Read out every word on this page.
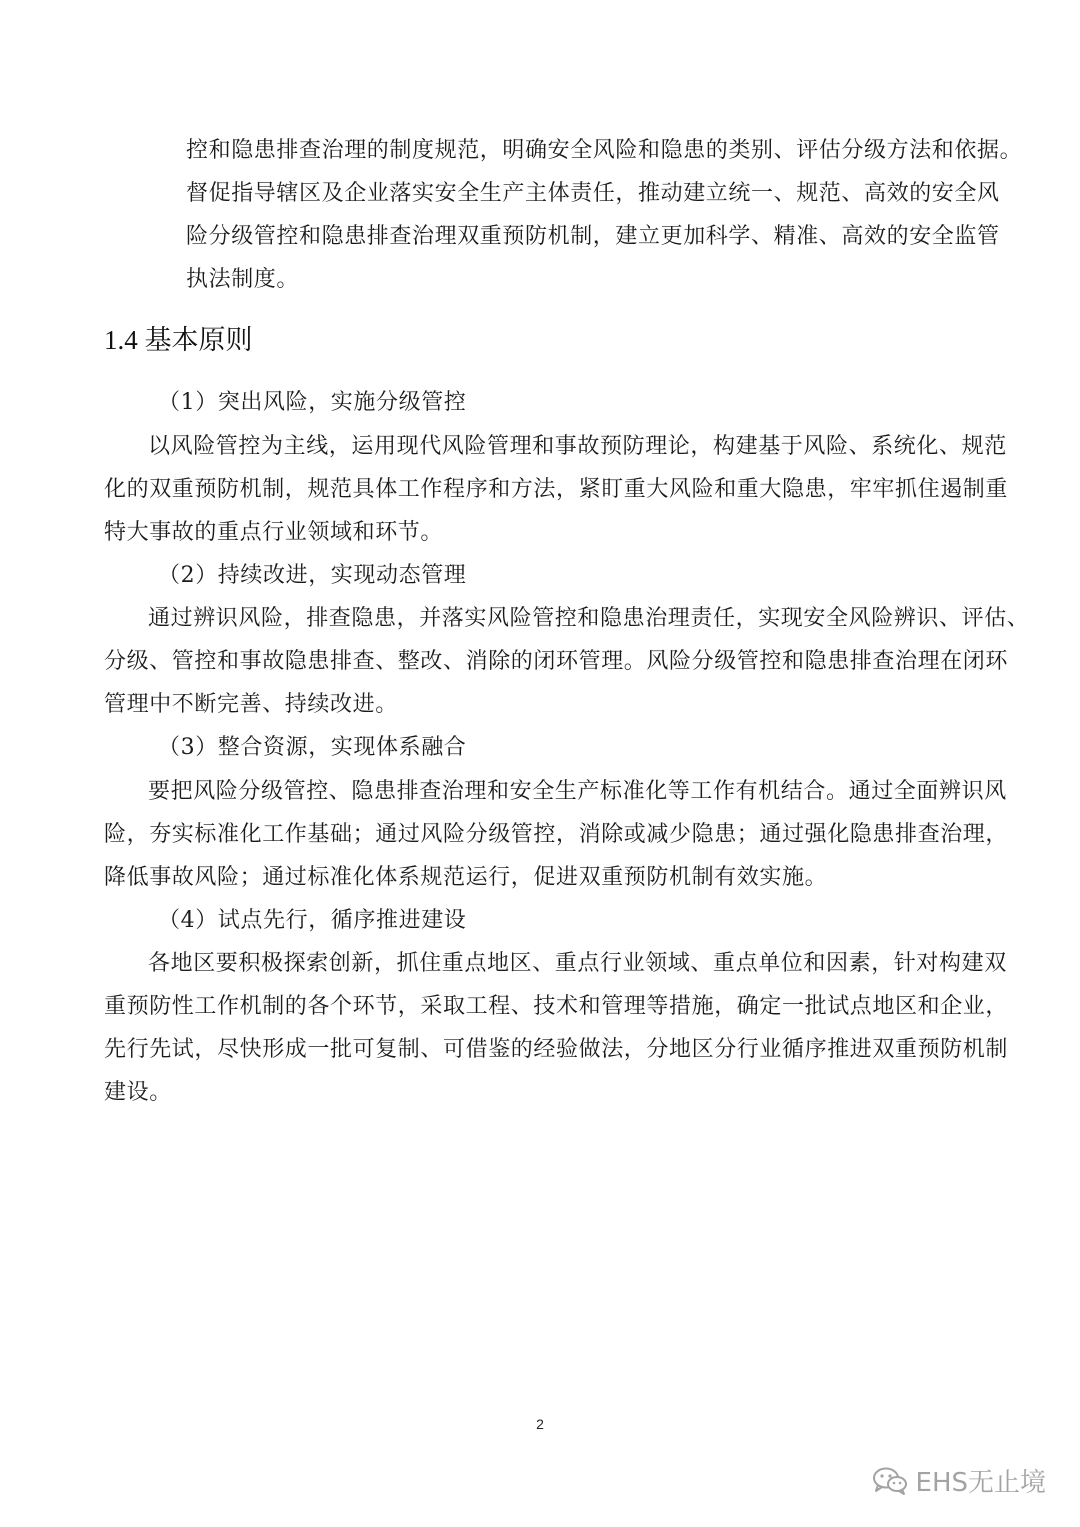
控和隐患排查治理的制度规范，明确安全风险和隐患的类别、评估分级方法和依据。
督促指导辖区及企业落实安全生产主体责任，推动建立统一、规范、高效的安全风
险分级管控和隐患排查治理双重预防机制，建立更加科学、精准、高效的安全监管
执法制度。
1.4 基本原则
（1）突出风险，实施分级管控
以风险管控为主线，运用现代风险管理和事故预防理论，构建基于风险、系统化、规范
化的双重预防机制，规范具体工作程序和方法，紧盯重大风险和重大隐患，牢牢抓住遏制重
特大事故的重点行业领域和环节。
（2）持续改进，实现动态管理
通过辨识风险，排查隐患，并落实风险管控和隐患治理责任，实现安全风险辨识、评估、
分级、管控和事故隐患排查、整改、消除的闭环管理。风险分级管控和隐患排查治理在闭环
管理中不断完善、持续改进。
（3）整合资源，实现体系融合
要把风险分级管控、隐患排查治理和安全生产标准化等工作有机结合。通过全面辨识风
险，夯实标准化工作基础；通过风险分级管控，消除或减少隐患；通过强化隐患排查治理，
降低事故风险；通过标准化体系规范运行，促进双重预防机制有效实施。
（4）试点先行，循序推进建设
各地区要积极探索创新，抓住重点地区、重点行业领域、重点单位和因素，针对构建双
重预防性工作机制的各个环节，采取工程、技术和管理等措施，确定一批试点地区和企业，
先行先试，尽快形成一批可复制、可借鉴的经验做法，分地区分行业循序推进双重预防机制
建设。
2
EHS无止境
